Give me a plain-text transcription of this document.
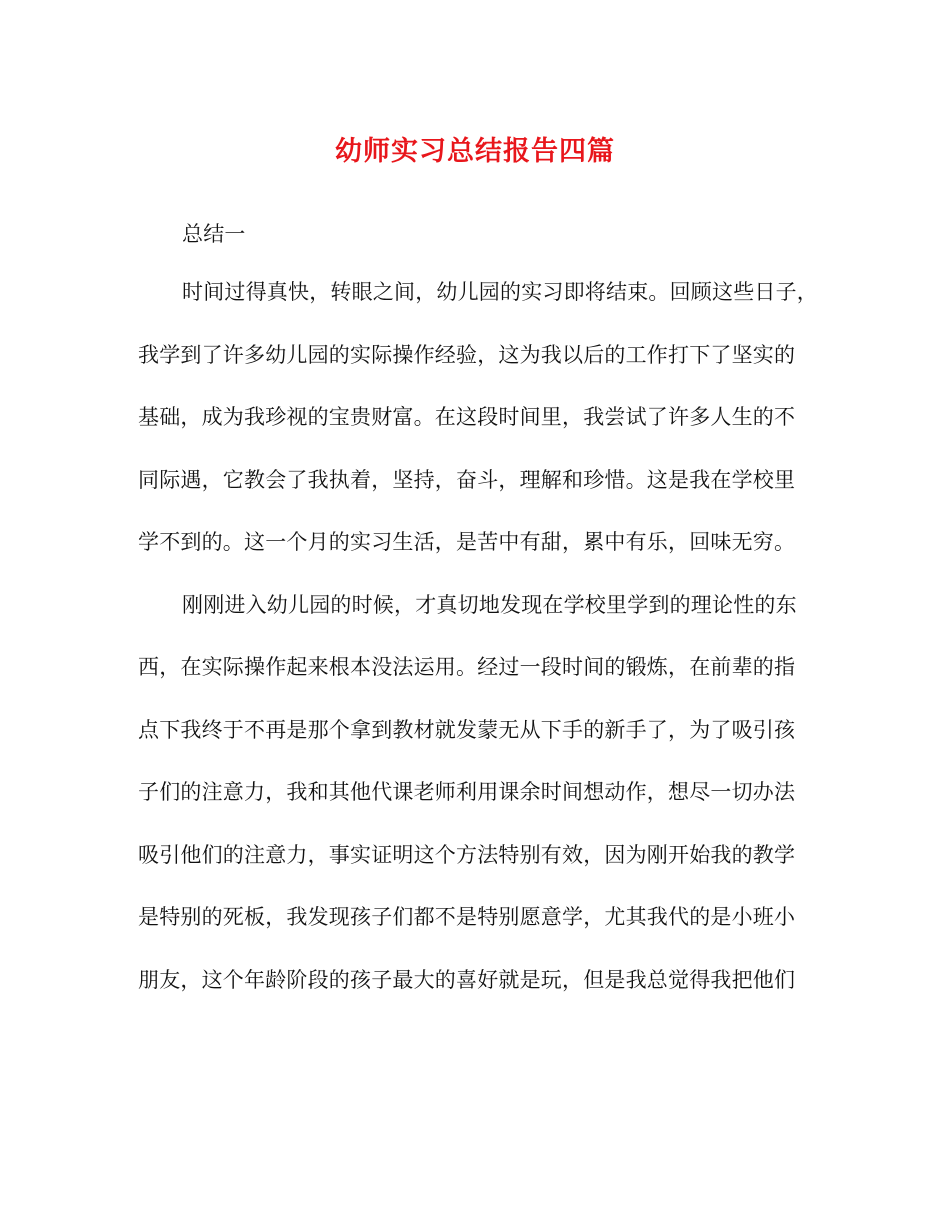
幼师实习总结报告四篇
总结一
时间过得真快，转眼之间，幼儿园的实习即将结束。回顾这些日子，
我学到了许多幼儿园的实际操作经验，这为我以后的工作打下了坚实的
基础，成为我珍视的宝贵财富。在这段时间里，我尝试了许多人生的不
同际遇，它教会了我执着，坚持，奋斗，理解和珍惜。这是我在学校里
学不到的。这一个月的实习生活，是苦中有甜，累中有乐，回味无穷。
刚刚进入幼儿园的时候，才真切地发现在学校里学到的理论性的东
西，在实际操作起来根本没法运用。经过一段时间的锻炼，在前辈的指
点下我终于不再是那个拿到教材就发蒙无从下手的新手了，为了吸引孩
子们的注意力，我和其他代课老师利用课余时间想动作，想尽一切办法
吸引他们的注意力，事实证明这个方法特别有效，因为刚开始我的教学
是特别的死板，我发现孩子们都不是特别愿意学，尤其我代的是小班小
朋友，这个年龄阶段的孩子最大的喜好就是玩，但是我总觉得我把他们
